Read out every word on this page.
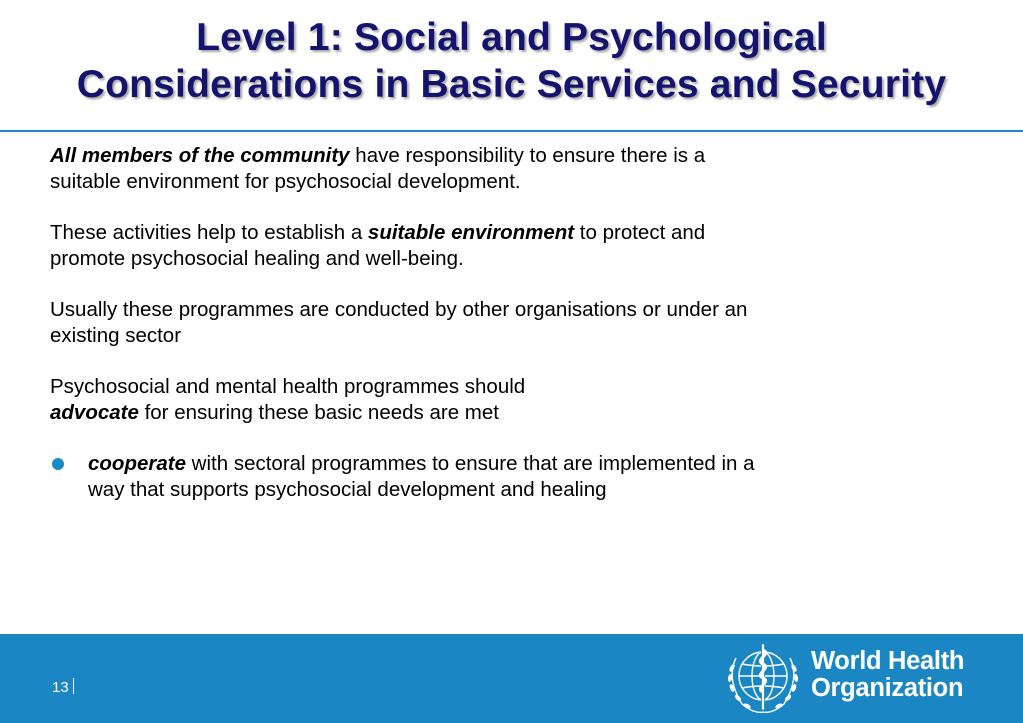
Level 1: Social and Psychological
Considerations in Basic Services and Security

All members of the community have responsibility to ensure there is a
suitable environment for psychosocial development.

These activities help to establish a suitable environment to protect and
promote psychosocial healing and well-being.

Usually these programmes are conducted by other organisations or under an
existing sector

Psychosocial and mental health programmes should
advocate for ensuring these basic needs are met

cooperate with sectoral programmes to ensure that are implemented in a
way that supports psychosocial development and healing

13
World Health
Organization
